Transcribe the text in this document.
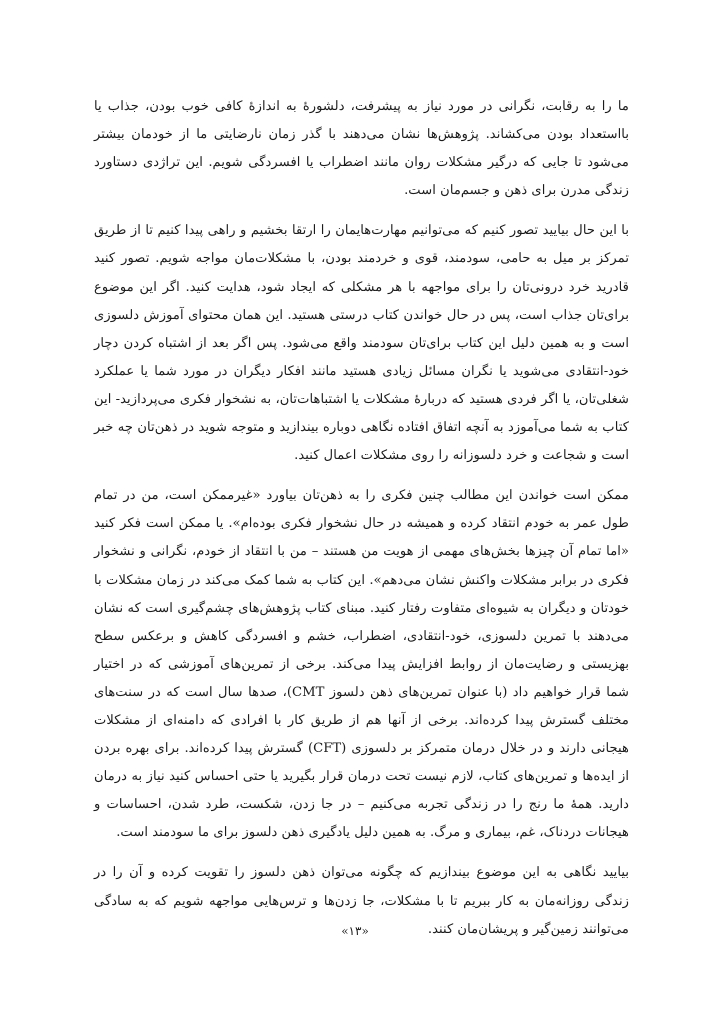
ما را به رقابت، نگرانی در مورد نیاز به پیشرفت، دلشورهٔ به اندازهٔ کافی خوب بودن، جذاب یا بااستعداد بودن می‌کشاند. پژوهش‌ها نشان می‌دهند با گذر زمان نارضایتی ما از خودمان بیشتر می‌شود تا جایی که درگیر مشکلات روان مانند اضطراب یا افسردگی شویم. این تراژدی دستاورد زندگی مدرن برای ذهن و جسم‌مان است.

با این حال بیایید تصور کنیم که می‌توانیم مهارت‌هایمان را ارتقا بخشیم و راهی پیدا کنیم تا از طریق تمرکز بر میل به حامی، سودمند، قوی و خردمند بودن، با مشکلات‌مان مواجه شویم. تصور کنید قادرید خرد درونی‌تان را برای مواجهه با هر مشکلی که ایجاد شود، هدایت کنید. اگر این موضوع برای‌تان جذاب است، پس در حال خواندن کتاب درستی هستید. این همان محتوای آموزش دلسوزی است و به همین دلیل این کتاب برای‌تان سودمند واقع می‌شود. پس اگر بعد از اشتباه کردن دچار خود-انتقادی می‌شوید یا نگران مسائل زیادی هستید مانند افکار دیگران در مورد شما یا عملکرد شغلی‌تان، یا اگر فردی هستید که دربارهٔ مشکلات یا اشتباهات‌تان، به نشخوار فکری می‌پردازید- این کتاب به شما می‌آموزد به آنچه اتفاق افتاده نگاهی دوباره بیندازید و متوجه شوید در ذهن‌تان چه خبر است و شجاعت و خرد دلسوزانه را روی مشکلات اعمال کنید.

ممکن است خواندن این مطالب چنین فکری را به ذهن‌تان بیاورد «غیرممکن است، من در تمام طول عمر به خودم انتقاد کرده و همیشه در حال نشخوار فکری بوده‌ام». یا ممکن است فکر کنید «اما تمام آن چیزها بخش‌های مهمی از هویت من هستند – من با انتقاد از خودم، نگرانی و نشخوار فکری در برابر مشکلات واکنش نشان می‌دهم». این کتاب به شما کمک می‌کند در زمان مشکلات با خودتان و دیگران به شیوه‌ای متفاوت رفتار کنید. مبنای کتاب پژوهش‌های چشم‌گیری است که نشان می‌دهند با تمرین دلسوزی، خود-انتقادی، اضطراب، خشم و افسردگی کاهش و برعکس سطح بهزیستی و رضایت‌مان از روابط افزایش پیدا می‌کند. برخی از تمرین‌های آموزشی که در اختیار شما قرار خواهیم داد (با عنوان تمرین‌های ذهن دلسوز CMT)، صدها سال است که در سنت‌های مختلف گسترش پیدا کرده‌اند. برخی از آنها هم از طریق کار با افرادی که دامنه‌ای از مشکلات هیجانی دارند و در خلال درمان متمرکز بر دلسوزی (CFT) گسترش پیدا کرده‌اند. برای بهره بردن از ایده‌ها و تمرین‌های کتاب، لازم نیست تحت درمان قرار بگیرید یا حتی احساس کنید نیاز به درمان دارید. همهٔ ما رنج را در زندگی تجربه می‌کنیم – در جا زدن، شکست، طرد شدن، احساسات و هیجانات دردناک، غم، بیماری و مرگ. به همین دلیل یادگیری ذهن دلسوز برای ما سودمند است.

بیایید نگاهی به این موضوع بیندازیم که چگونه می‌توان ذهن دلسوز را تقویت کرده و آن را در زندگی روزانه‌مان به کار ببریم تا با مشکلات، جا زدن‌ها و ترس‌هایی مواجهه شویم که به سادگی می‌توانند زمین‌گیر و پریشان‌مان کنند.

«۱۳»
